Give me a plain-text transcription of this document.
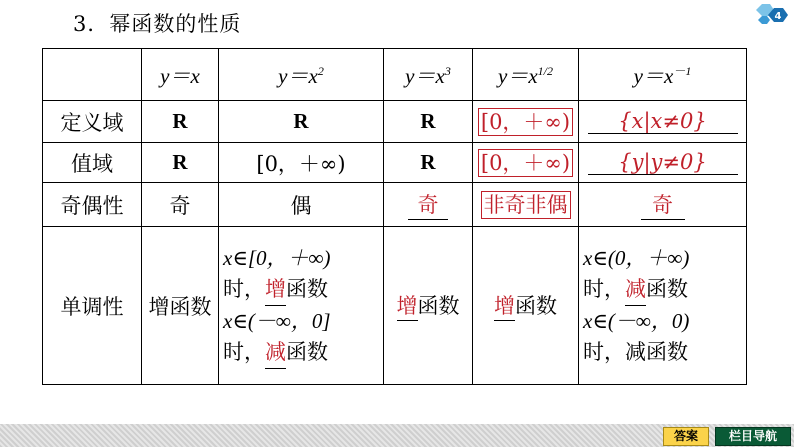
3．幂函数的性质	4
	y＝x	$y=x^2$	$y=x^3$	$y=x^{1/2}$	$y=x^{-1}$
定义域	R	R	R	[0，＋∞)	{x|x≠0}
值域	R	[0，＋∞)	R	[0，＋∞)	{y|y≠0}
奇偶性	奇	偶	奇	非奇非偶	奇
单调性	增函数	x∈[0，＋∞)
时，增函数
x∈(－∞，0]
时，减函数	增函数	增函数	x∈(0，＋∞)
时，减函数
x∈(－∞，0)
时，减函数
答案	栏目导航
